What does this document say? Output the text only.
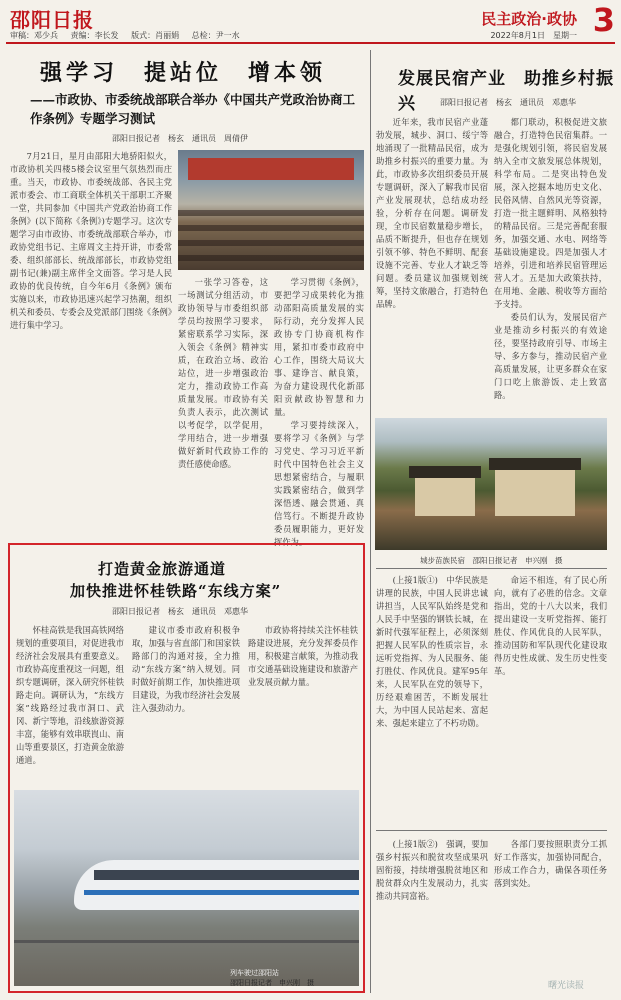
邵阳日报
审稿：邓少兵 责编：李长发 版式：肖丽娟 总检：尹一水
民主政治·政协 3
2022年8月1日　星期一
强学习　提站位　增本领
——市政协、市委统战部联合举办《中国共产党政治协商工作条例》专题学习测试
邵阳日报记者　杨玄　通讯员　周倩伊

7月21日，星月由邵阳大地骄阳似火，市政协机关四楼5楼会议室里气氛热烈而庄重。当天，市政协、市委统战部、各民主党派市委会、市工商联全体机关干部职工齐聚一堂，共同参加《中国共产党政治协商工作条例》(以下简称《条例》)专题学习。这次专题学习由市政协、市委统战部联合举办，市政协党组书记、主席周文主持开讲，市委常委、组织部部长、统战部部长，市政协党组副书记(兼)副主席伴全文面答。学习是人民政协的优良传统，自今年6月《条例》颁布实施以来，市政协迅速兴起学习热潮，组织机关和委员、专委会及党派部门围绕《条例》进行集中学习。

一张学习答卷，这一场测试分组活动，市政协领导与市委组织部学员均按照学习要求，紧密联系学习实际，深入领会《条例》精神实质，在政治立场、政治站位，进一步增强政治定力，推动政协工作高质量发展。市政协有关负责人表示，此次测试以考促学，以学促用，学用结合，进一步增强做好新时代政协工作的责任感使命感。

学习贯彻《条例》，要把学习成果转化为推动邵阳高质量发展的实际行动，充分发挥人民政协专门协商机构作用，紧扣市委市政府中心工作，围绕大局议大事、建诤言、献良策，为奋力建设现代化新邵阳贡献政协智慧和力量。

学习要持续深入，要将学习《条例》与学习党史、学习习近平新时代中国特色社会主义思想紧密结合，与履职实践紧密结合，做到学深悟透、融会贯通、真信笃行。不断提升政协委员履职能力，更好发挥作为。

发展民宿产业　助推乡村振兴	邵阳日报记者　杨玄　通讯员　邓惠华

近年来，我市民宿产业蓬勃发展，城步、洞口、绥宁等地涌现了一批精品民宿，成为助推乡村振兴的重要力量。为此，市政协多次组织委员开展专题调研，深入了解我市民宿产业发展现状，总结成功经验，分析存在问题。调研发现，全市民宿数量稳步增长，品质不断提升，但也存在规划引领不够、特色不鲜明、配套设施不完善、专业人才缺乏等问题。委员建议加强规划统筹，坚持文旅融合，打造特色品牌。

都门联动，积极促进文旅融合，打造特色民宿集群。一是强化规划引领，将民宿发展纳入全市文旅发展总体规划，科学布局。二是突出特色发展，深入挖掘本地历史文化、民俗风情、自然风光等资源，打造一批主题鲜明、风格独特的精品民宿。三是完善配套服务，加强交通、水电、网络等基础设施建设。四是加强人才培养，引进和培养民宿管理运营人才。五是加大政策扶持，在用地、金融、税收等方面给予支持。

委员们认为，发展民宿产业是推动乡村振兴的有效途径，要坚持政府引导、市场主导、多方参与，推动民宿产业高质量发展，让更多群众在家门口吃上旅游饭、走上致富路。

城步苗族民宿　邵阳日报记者　申兴刚　摄

(上接1版①)　中华民族是讲理的民族，中国人民讲忠诚讲担当，人民军队始终是党和人民手中坚强的钢铁长城，在新时代强军征程上，必须深刻把握人民军队的性质宗旨，永远听党指挥、为人民服务、能打胜仗、作风优良。建军95年来，人民军队在党的领导下，历经艰难困苦，不断发展壮大，为中国人民站起来、富起来、强起来建立了不朽功勋。

命运不相连，有了民心所向，就有了必胜的信念。文章指出，党的十八大以来，我们提出建设一支听党指挥、能打胜仗、作风优良的人民军队，推动国防和军队现代化建设取得历史性成就、发生历史性变革。

(上接1版②)　强调，要加强乡村振兴和脱贫攻坚成果巩固衔接，持续增强脱贫地区和脱贫群众内生发展动力，扎实推动共同富裕。

各部门要按照职责分工抓好工作落实，加强协同配合，形成工作合力，确保各项任务落到实处。

打造黄金旅游通道
加快推进怀桂铁路“东线方案”
邵阳日报记者　杨玄　通讯员　邓惠华

怀桂高铁是我国高铁网络规划的重要项目，对促进我市经济社会发展具有重要意义。市政协高度重视这一问题，组织专题调研，深入研究怀桂铁路走向。调研认为，“东线方案”线路经过我市洞口、武冈、新宁等地，沿线旅游资源丰富，能够有效串联崀山、南山等重要景区，打造黄金旅游通道。

建议市委市政府积极争取，加强与省直部门和国家铁路部门的沟通对接，全力推动“东线方案”纳入规划。同时做好前期工作，加快推进项目建设，为我市经济社会发展注入强劲动力。

市政协将持续关注怀桂铁路建设进展，充分发挥委员作用，积极建言献策，为推动我市交通基础设施建设和旅游产业发展贡献力量。

列车驶过邵阳站
邵阳日报记者　申兴刚　摄	曙光读报
